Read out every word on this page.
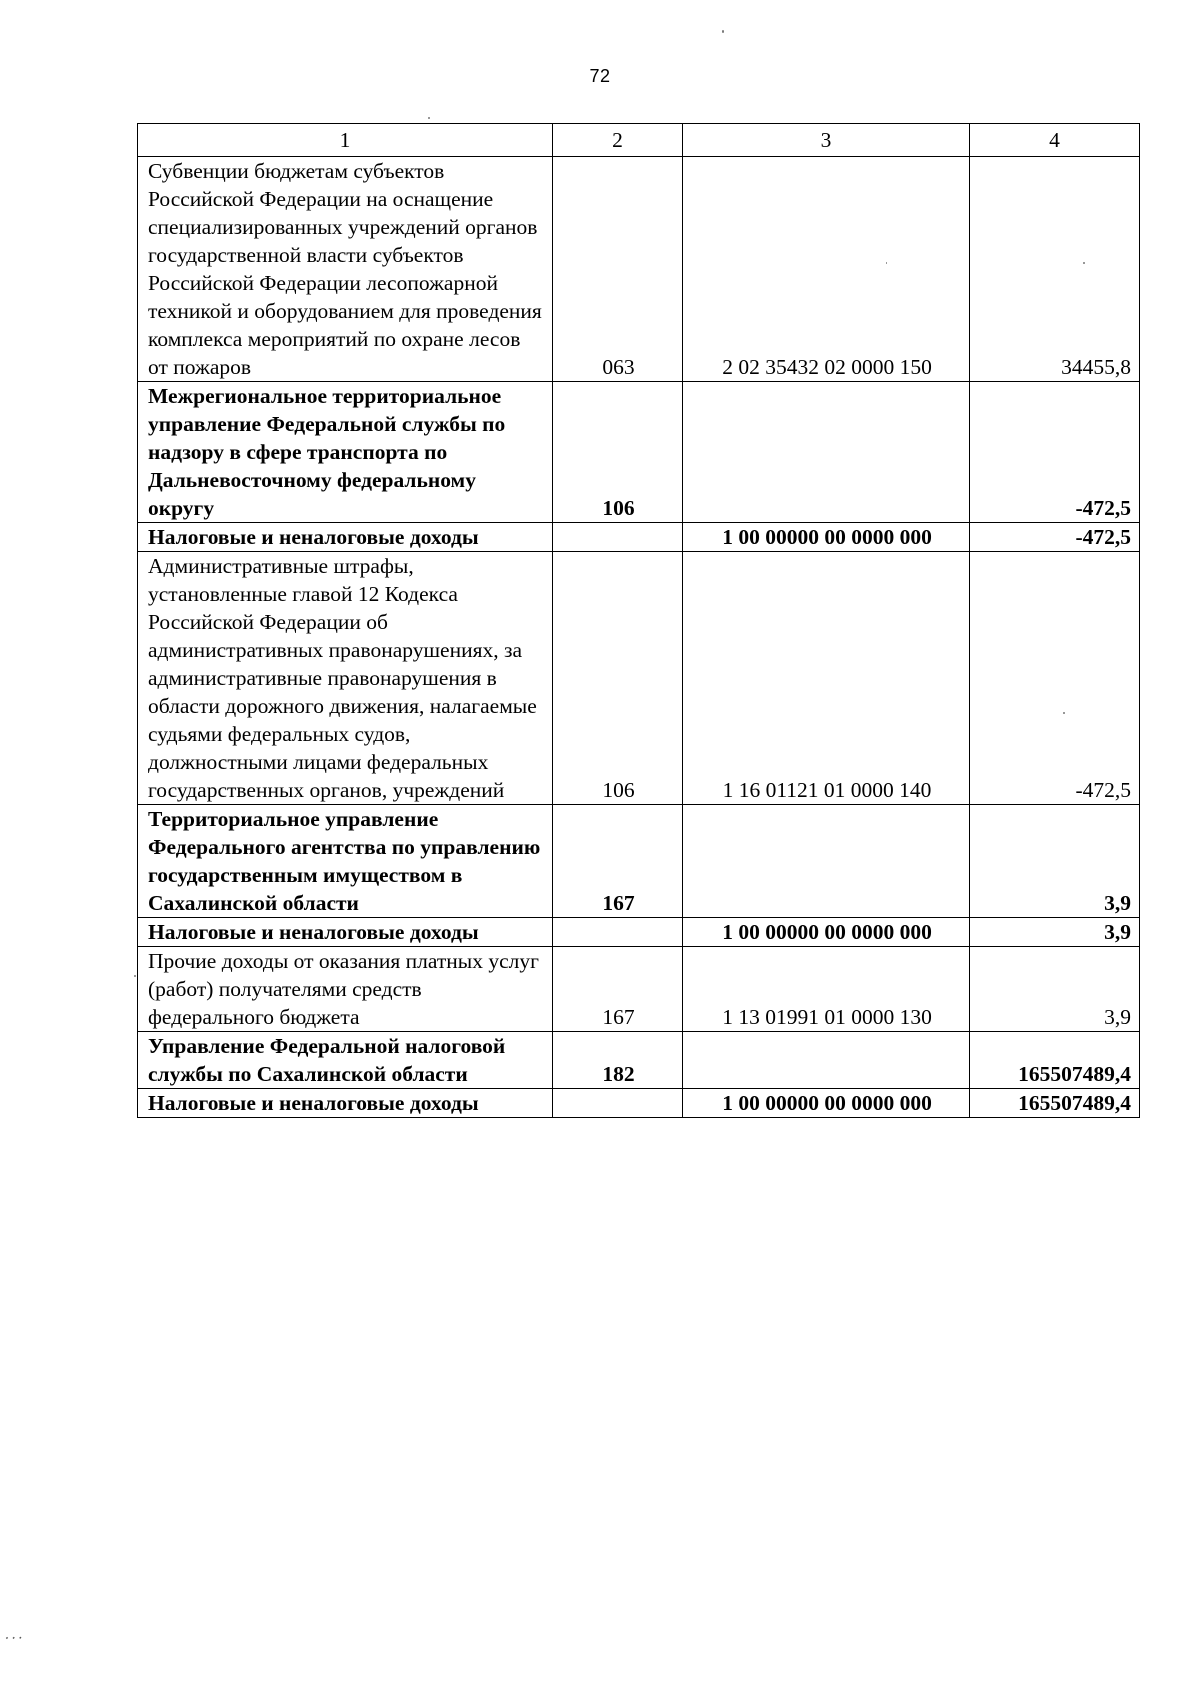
72
1	2	3	4
Субвенции бюджетам субъектов Российской Федерации на оснащение специализированных учреждений органов государственной власти субъектов Российской Федерации лесопожарной техникой и оборудованием для проведения комплекса мероприятий по охране лесов от пожаров	063	2 02 35432 02 0000 150	34455,8
Межрегиональное территориальное управление Федеральной службы по надзору в сфере транспорта по Дальневосточному федеральному округу	106		-472,5
Налоговые и неналоговые доходы		1 00 00000 00 0000 000	-472,5
Административные штрафы, установленные главой 12 Кодекса Российской Федерации об административных правонарушениях, за административные правонарушения в области дорожного движения, налагаемые судьями федеральных судов, должностными лицами федеральных государственных органов, учреждений	106	1 16 01121 01 0000 140	-472,5
Территориальное управление Федерального агентства по управлению государственным имуществом в Сахалинской области	167		3,9
Налоговые и неналоговые доходы		1 00 00000 00 0000 000	3,9
Прочие доходы от оказания платных услуг (работ) получателями средств федерального бюджета	167	1 13 01991 01 0000 130	3,9
Управление Федеральной налоговой службы по Сахалинской области	182		165507489,4
Налоговые и неналоговые доходы		1 00 00000 00 0000 000	165507489,4
⋰
